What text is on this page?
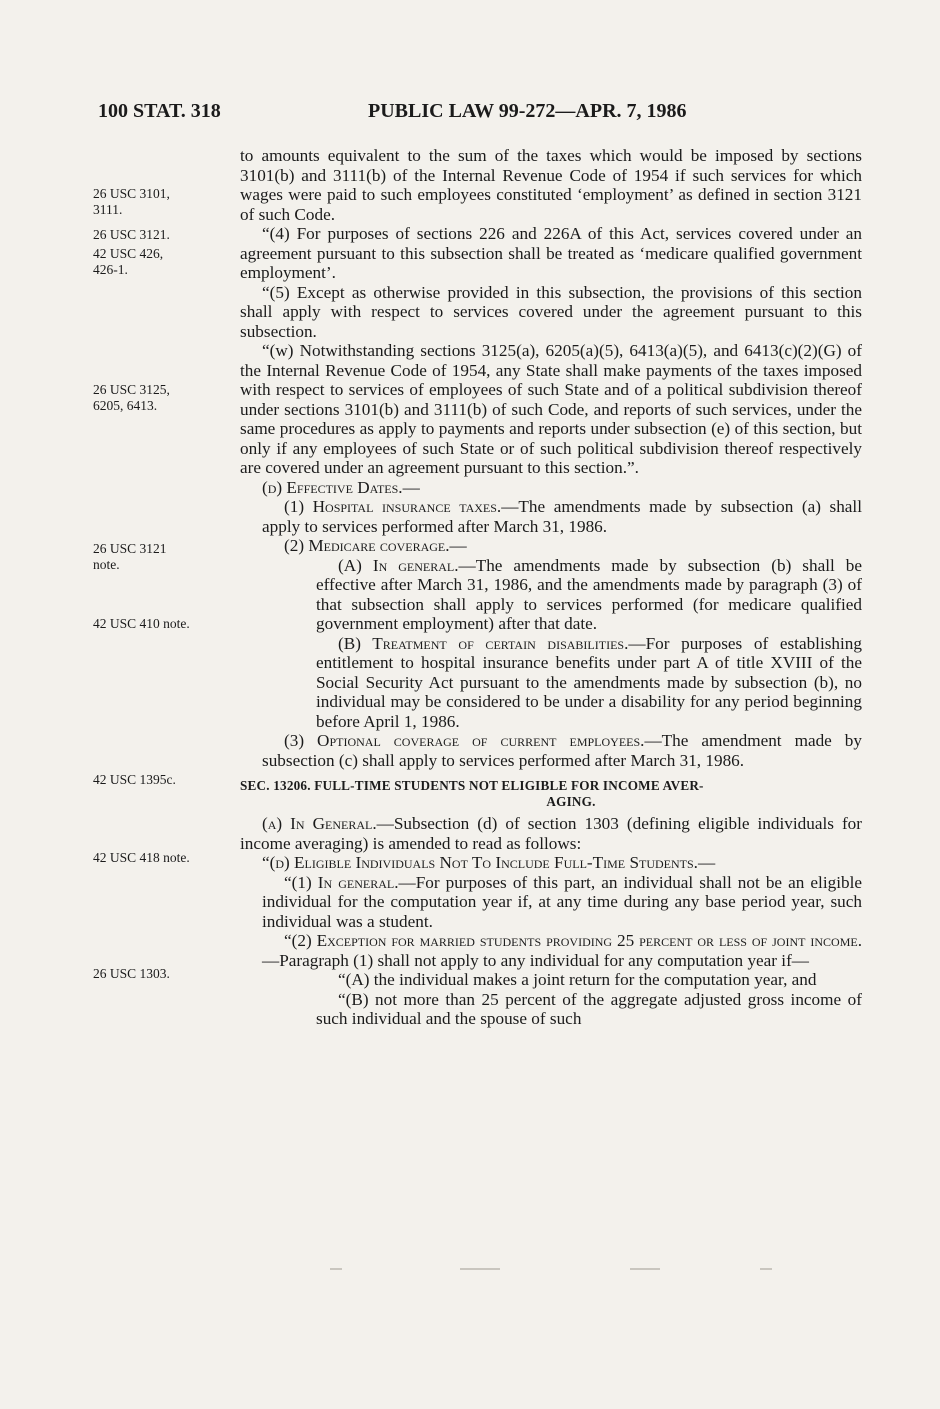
100 STAT. 318	PUBLIC LAW 99-272—APR. 7, 1986
26 USC 3101,
3111.
26 USC 3121.
42 USC 426,
426-1.
26 USC 3125,
6205, 6413.
26 USC 3121
note.
42 USC 410 note.
42 USC 1395c.
42 USC 418 note.
26 USC 1303.

to amounts equivalent to the sum of the taxes which would be imposed by sections 3101(b) and 3111(b) of the Internal Revenue Code of 1954 if such services for which wages were paid to such employees constituted ‘employment’ as defined in section 3121 of such Code.

“(4) For purposes of sections 226 and 226A of this Act, services covered under an agreement pursuant to this subsection shall be treated as ‘medicare qualified government employment’.

“(5) Except as otherwise provided in this subsection, the provisions of this section shall apply with respect to services covered under the agreement pursuant to this subsection.

“(w) Notwithstanding sections 3125(a), 6205(a)(5), 6413(a)(5), and 6413(c)(2)(G) of the Internal Revenue Code of 1954, any State shall make payments of the taxes imposed with respect to services of employees of such State and of a political subdivision thereof under sections 3101(b) and 3111(b) of such Code, and reports of such services, under the same procedures as apply to payments and reports under subsection (e) of this section, but only if any employees of such State or of such political subdivision thereof respectively are covered under an agreement pursuant to this section.”.

(d) Effective Dates.—

(1) Hospital insurance taxes.—The amendments made by subsection (a) shall apply to services performed after March 31, 1986.

(2) Medicare coverage.—

(A) In general.—The amendments made by subsection (b) shall be effective after March 31, 1986, and the amendments made by paragraph (3) of that subsection shall apply to services performed (for medicare qualified government employment) after that date.

(B) Treatment of certain disabilities.—For purposes of establishing entitlement to hospital insurance benefits under part A of title XVIII of the Social Security Act pursuant to the amendments made by subsection (b), no individual may be considered to be under a disability for any period beginning before April 1, 1986.

(3) Optional coverage of current employees.—The amendment made by subsection (c) shall apply to services performed after March 31, 1986.

SEC. 13206. FULL-TIME STUDENTS NOT ELIGIBLE FOR INCOME AVER-
AGING.

(a) In General.—Subsection (d) of section 1303 (defining eligible individuals for income averaging) is amended to read as follows:

“(d) Eligible Individuals Not To Include Full-Time Students.—

“(1) In general.—For purposes of this part, an individual shall not be an eligible individual for the computation year if, at any time during any base period year, such individual was a student.

“(2) Exception for married students providing 25 percent or less of joint income.—Paragraph (1) shall not apply to any individual for any computation year if—

“(A) the individual makes a joint return for the computation year, and

“(B) not more than 25 percent of the aggregate adjusted gross income of such individual and the spouse of such
